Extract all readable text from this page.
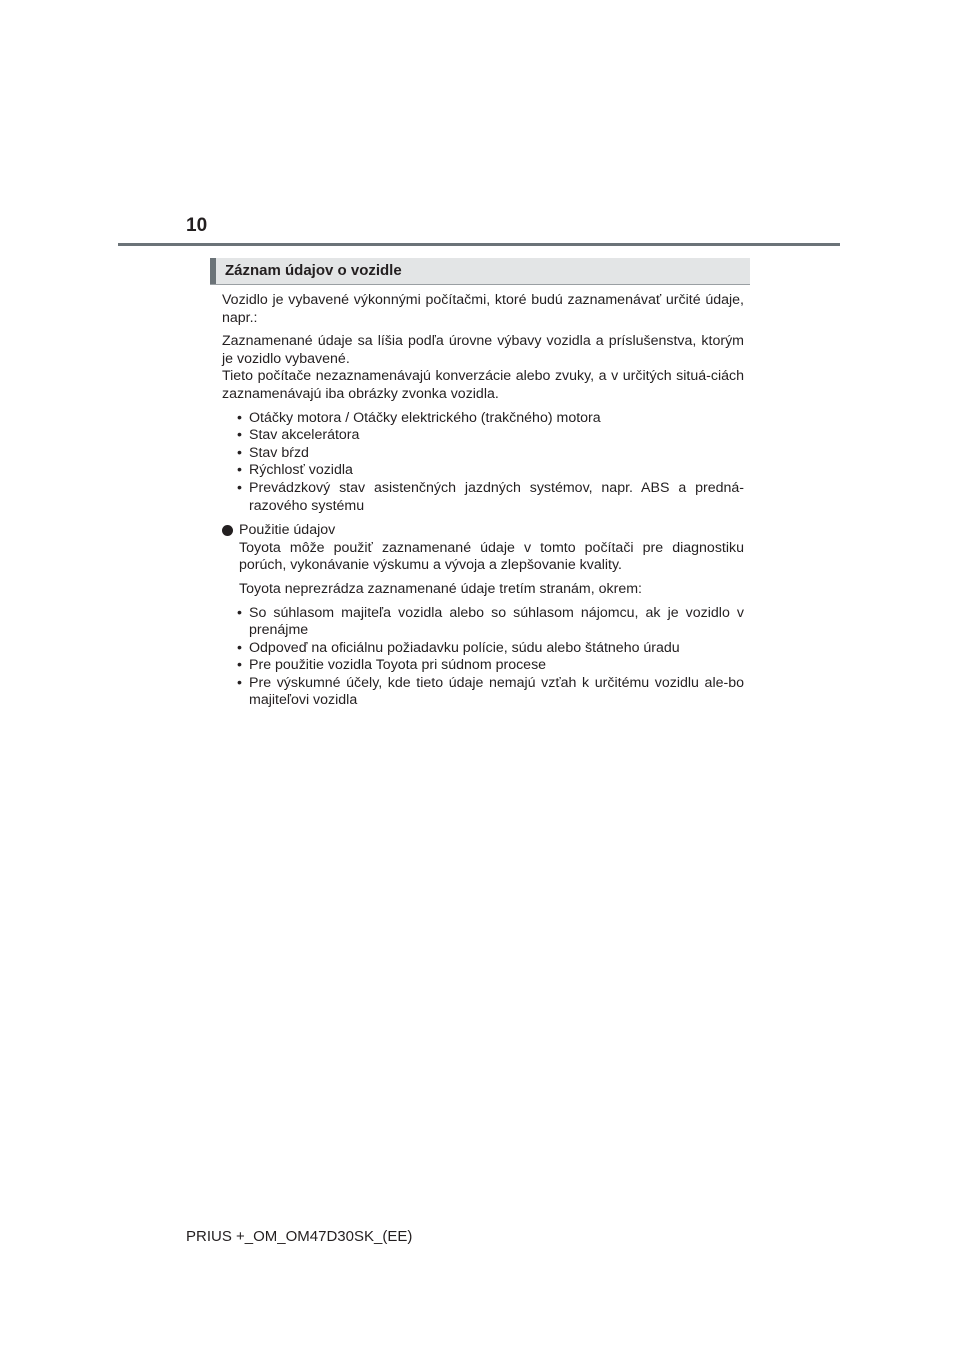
10
Záznam údajov o vozidle

Vozidlo je vybavené výkonnými počítačmi, ktoré budú zaznamenávať určité údaje, napr.:

Zaznamenané údaje sa líšia podľa úrovne výbavy vozidla a príslušenstva, ktorým je vozidlo vybavené.

Tieto počítače nezaznamenávajú konverzácie alebo zvuky, a v určitých situá-ciách zaznamenávajú iba obrázky zvonka vozidla.

• Otáčky motora / Otáčky elektrického (trakčného) motora
• Stav akcelerátora
• Stav bŕzd
• Rýchlosť vozidla
• Prevádzkový stav asistenčných jazdných systémov, napr. ABS a predná-razového systému

Použitie údajov

Toyota môže použiť zaznamenané údaje v tomto počítači pre diagnostiku porúch, vykonávanie výskumu a vývoja a zlepšovanie kvality.

Toyota neprezrádza zaznamenané údaje tretím stranám, okrem:

• So súhlasom majiteľa vozidla alebo so súhlasom nájomcu, ak je vozidlo v prenájme
• Odpoveď na oficiálnu požiadavku polície, súdu alebo štátneho úradu
• Pre použitie vozidla Toyota pri súdnom procese
• Pre výskumné účely, kde tieto údaje nemajú vzťah k určitému vozidlu ale-bo majiteľovi vozidla
PRIUS +_OM_OM47D30SK_(EE)
